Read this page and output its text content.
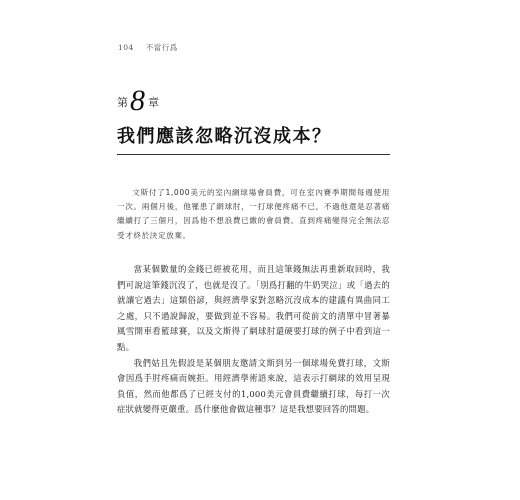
104 不當行爲
第 8 章
我們應該忽略沉沒成本？

文斯付了1,000美元的室內網球場會員費，可在室內賽季期間每週使用一次。兩個月後，他罹患了網球肘，一打球便疼痛不已，不過他還是忍著痛繼續打了三個月，因爲他不想浪費已繳的會員費。直到疼痛變得完全無法忍受才終於決定放棄。

當某個數量的金錢已經被花用，而且這筆錢無法再重新取回時，我們可說這筆錢沉沒了，也就是沒了。「別爲打翻的牛奶哭泣」或「過去的就讓它過去」這類俗諺，與經濟學家對忽略沉沒成本的建議有異曲同工之處，只不過說歸說，要做到並不容易。我們可從前文的清單中冒著暴風雪開車看籃球賽，以及文斯得了網球肘還硬要打球的例子中看到這一點。

我們姑且先假設是某個朋友邀請文斯到另一個球場免費打球，文斯會因爲手肘疼痛而婉拒。用經濟學術語來說，這表示打網球的效用呈現負值，然而他都爲了已經支付的1,000美元會員費繼續打球，每打一次症狀就變得更嚴重。爲什麼他會做這種事？這是我想要回答的問題。
